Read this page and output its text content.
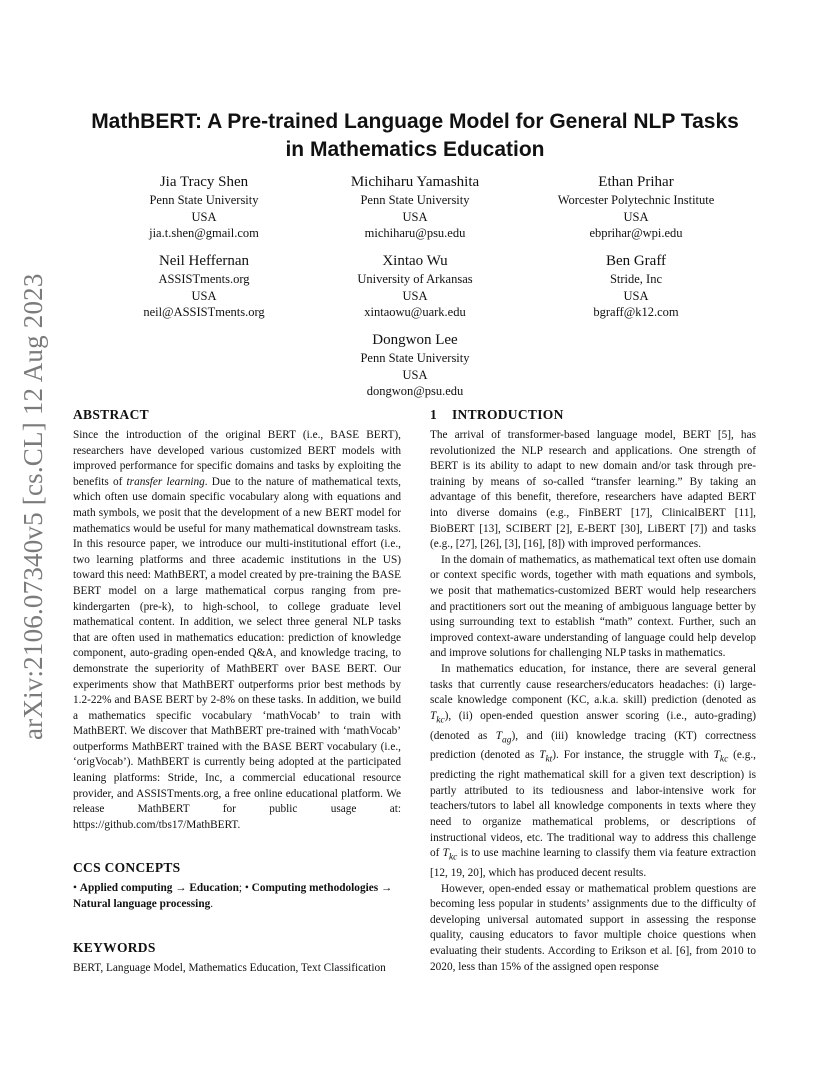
arXiv:2106.07340v5 [cs.CL] 12 Aug 2023
MathBERT: A Pre-trained Language Model for General NLP Tasks
in Mathematics Education
Jia Tracy Shen
Penn State University
USA
jia.t.shen@gmail.com
Michiharu Yamashita
Penn State University
USA
michiharu@psu.edu
Ethan Prihar
Worcester Polytechnic Institute
USA
ebprihar@wpi.edu
Neil Heffernan
ASSISTments.org
USA
neil@ASSISTments.org
Xintao Wu
University of Arkansas
USA
xintaowu@uark.edu
Ben Graff
Stride, Inc
USA
bgraff@k12.com
Dongwon Lee
Penn State University
USA
dongwon@psu.edu
ABSTRACT

Since the introduction of the original BERT (i.e., BASE BERT), researchers have developed various customized BERT models with improved performance for specific domains and tasks by exploiting the benefits of transfer learning. Due to the nature of mathematical texts, which often use domain specific vocabulary along with equations and math symbols, we posit that the development of a new BERT model for mathematics would be useful for many mathematical downstream tasks. In this resource paper, we introduce our multi-institutional effort (i.e., two learning platforms and three academic institutions in the US) toward this need: MathBERT, a model created by pre-training the BASE BERT model on a large mathematical corpus ranging from pre-kindergarten (pre-k), to high-school, to college graduate level mathematical content. In addition, we select three general NLP tasks that are often used in mathematics education: prediction of knowledge component, auto-grading open-ended Q&A, and knowledge tracing, to demonstrate the superiority of MathBERT over BASE BERT. Our experiments show that MathBERT outperforms prior best methods by 1.2-22% and BASE BERT by 2-8% on these tasks. In addition, we build a mathematics specific vocabulary ‘mathVocab’ to train with MathBERT. We discover that MathBERT pre-trained with ‘mathVocab’ outperforms MathBERT trained with the BASE BERT vocabulary (i.e., ‘origVocab’). MathBERT is currently being adopted at the participated leaning platforms: Stride, Inc, a commercial educational resource provider, and ASSISTments.org, a free online educational platform. We release MathBERT for public usage at: https://github.com/tbs17/MathBERT.

CCS CONCEPTS

• Applied computing → Education; • Computing methodologies → Natural language processing.

KEYWORDS

BERT, Language Model, Mathematics Education, Text Classification

1 INTRODUCTION

The arrival of transformer-based language model, BERT [5], has revolutionized the NLP research and applications. One strength of BERT is its ability to adapt to new domain and/or task through pre-training by means of so-called “transfer learning.” By taking an advantage of this benefit, therefore, researchers have adapted BERT into diverse domains (e.g., FinBERT [17], ClinicalBERT [11], BioBERT [13], SCIBERT [2], E-BERT [30], LiBERT [7]) and tasks (e.g., [27], [26], [3], [16], [8]) with improved performances.

In the domain of mathematics, as mathematical text often use domain or context specific words, together with math equations and symbols, we posit that mathematics-customized BERT would help researchers and practitioners sort out the meaning of ambiguous language better by using surrounding text to establish “math” context. Further, such an improved context-aware understanding of language could help develop and improve solutions for challenging NLP tasks in mathematics.

In mathematics education, for instance, there are several general tasks that currently cause researchers/educators headaches: (i) large-scale knowledge component (KC, a.k.a. skill) prediction (denoted as $T_{kc}$), (ii) open-ended question answer scoring (i.e., auto-grading) (denoted as $T_{ag}$), and (iii) knowledge tracing (KT) correctness prediction (denoted as $T_{kt}$). For instance, the struggle with $T_{kc}$ (e.g., predicting the right mathematical skill for a given text description) is partly attributed to its tediousness and labor-intensive work for teachers/tutors to label all knowledge components in texts where they need to organize mathematical problems, or descriptions of instructional videos, etc. The traditional way to address this challenge of $T_{kc}$ is to use machine learning to classify them via feature extraction [12, 19, 20], which has produced decent results.

However, open-ended essay or mathematical problem questions are becoming less popular in students’ assignments due to the difficulty of developing universal automated support in assessing the response quality, causing educators to favor multiple choice questions when evaluating their students. According to Erikson et al. [6], from 2010 to 2020, less than 15% of the assigned open response
